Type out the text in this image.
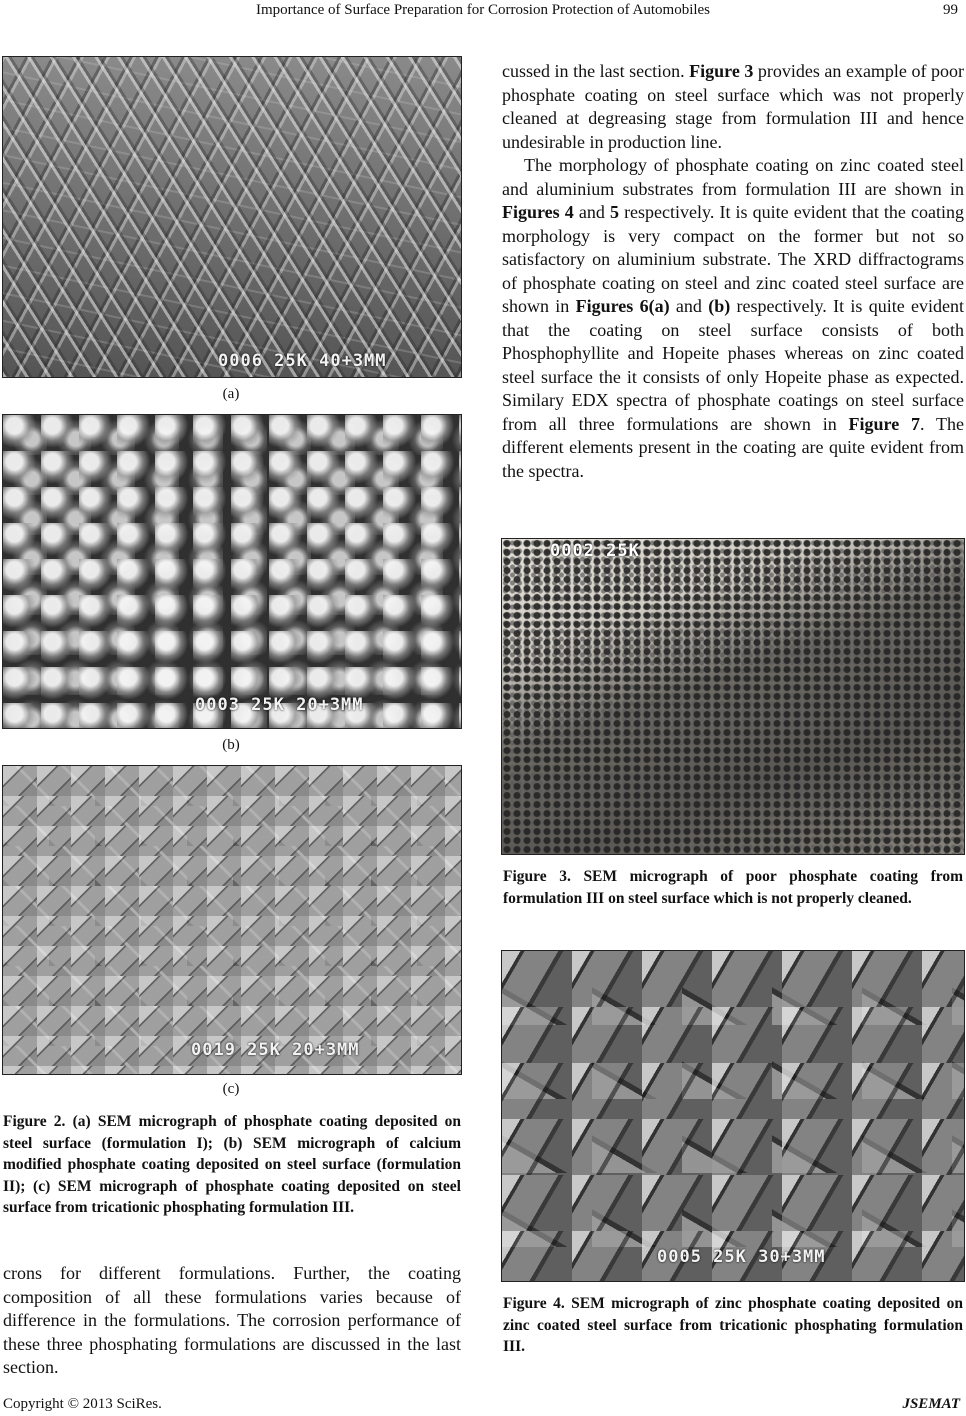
Importance of Surface Preparation for Corrosion Protection of Automobiles	99
0006 25K 40+3MM
(a)
0003 25K 20+3MM
(b)
0019 25K 20+3MM
(c)
Figure 2. (a) SEM micrograph of phosphate coating deposited on steel surface (formulation I); (b) SEM micrograph of calcium modified phosphate coating deposited on steel surface (formulation II); (c) SEM micrograph of phosphate coating deposited on steel surface from tricationic phosphating formulation III.

crons for different formulations. Further, the coating composition of all these formulations varies because of difference in the formulations. The corrosion performance of these three phosphating formulations are discussed in the last section.

cussed in the last section. Figure 3 provides an example of poor phosphate coating on steel surface which was not properly cleaned at degreasing stage from formulation III and hence undesirable in production line.

The morphology of phosphate coating on zinc coated steel and aluminium substrates from formulation III are shown in Figures 4 and 5 respectively. It is quite evident that the coating morphology is very compact on the former but not so satisfactory on aluminium substrate. The XRD diffractograms of phosphate coating on steel and zinc coated steel surface are shown in Figures 6(a) and (b) respectively. It is quite evident that the coating on steel surface consists of both Phosphophyllite and Hopeite phases whereas on zinc coated steel surface the it consists of only Hopeite phase as expected. Similary EDX spectra of phosphate coatings on steel surface from all three formulations are shown in Figure 7. The different elements present in the coating are quite evident from the spectra.

0002 25K
Figure 3. SEM micrograph of poor phosphate coating from formulation III on steel surface which is not properly cleaned.
0005 25K 30+3MM
Figure 4. SEM micrograph of zinc phosphate coating deposited on zinc coated steel surface from tricationic phosphating formulation III.
Copyright © 2013 SciRes.	JSEMAT
